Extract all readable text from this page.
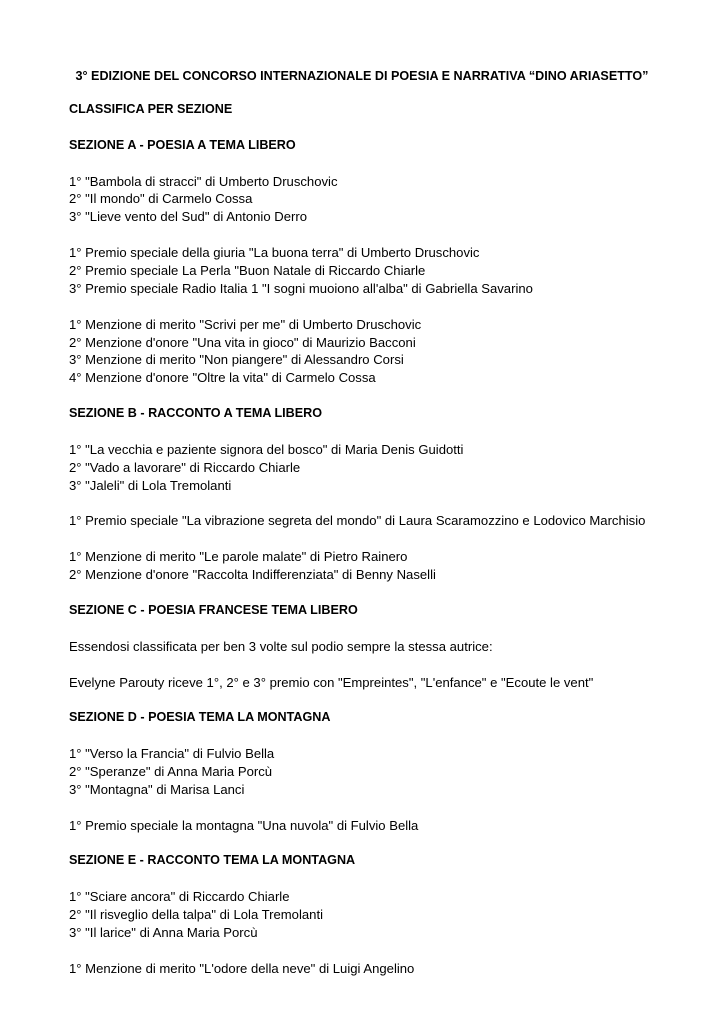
3° EDIZIONE DEL CONCORSO INTERNAZIONALE DI POESIA E NARRATIVA “DINO ARIASETTO”
CLASSIFICA PER SEZIONE
SEZIONE A - POESIA A TEMA LIBERO
1° "Bambola di stracci" di Umberto Druschovic
2° "Il mondo" di Carmelo Cossa
3° "Lieve vento del Sud" di Antonio Derro
1° Premio speciale della giuria "La buona terra" di Umberto Druschovic
2° Premio speciale La Perla "Buon Natale di Riccardo Chiarle
3° Premio speciale Radio Italia 1 "I sogni muoiono all'alba" di Gabriella Savarino
1° Menzione di merito "Scrivi per me" di Umberto Druschovic
2° Menzione d'onore "Una vita in gioco" di Maurizio Bacconi
3° Menzione di merito "Non piangere" di Alessandro Corsi
4° Menzione d'onore "Oltre la vita" di Carmelo Cossa
SEZIONE B - RACCONTO A TEMA LIBERO
1° "La vecchia e paziente signora del bosco" di Maria Denis Guidotti
2° "Vado a lavorare" di Riccardo Chiarle
3° "Jaleli" di Lola Tremolanti
1° Premio speciale "La vibrazione segreta del mondo" di Laura Scaramozzino e Lodovico Marchisio
1° Menzione di merito "Le parole malate" di Pietro Rainero
2° Menzione d'onore "Raccolta Indifferenziata" di Benny Naselli
SEZIONE C - POESIA FRANCESE TEMA LIBERO
Essendosi classificata per ben 3 volte sul podio sempre la stessa autrice:
Evelyne Parouty riceve 1°, 2° e 3° premio con "Empreintes", "L'enfance" e "Ecoute le vent"
SEZIONE D - POESIA TEMA LA MONTAGNA
1° "Verso la Francia" di Fulvio Bella
2° "Speranze" di Anna Maria Porcù
3° "Montagna" di Marisa Lanci
1° Premio speciale la montagna "Una nuvola" di Fulvio Bella
SEZIONE E - RACCONTO TEMA LA MONTAGNA
1° "Sciare ancora" di Riccardo Chiarle
2° "Il risveglio della talpa" di Lola Tremolanti
3° "Il larice" di Anna Maria Porcù
1° Menzione di merito "L'odore della neve" di Luigi Angelino
